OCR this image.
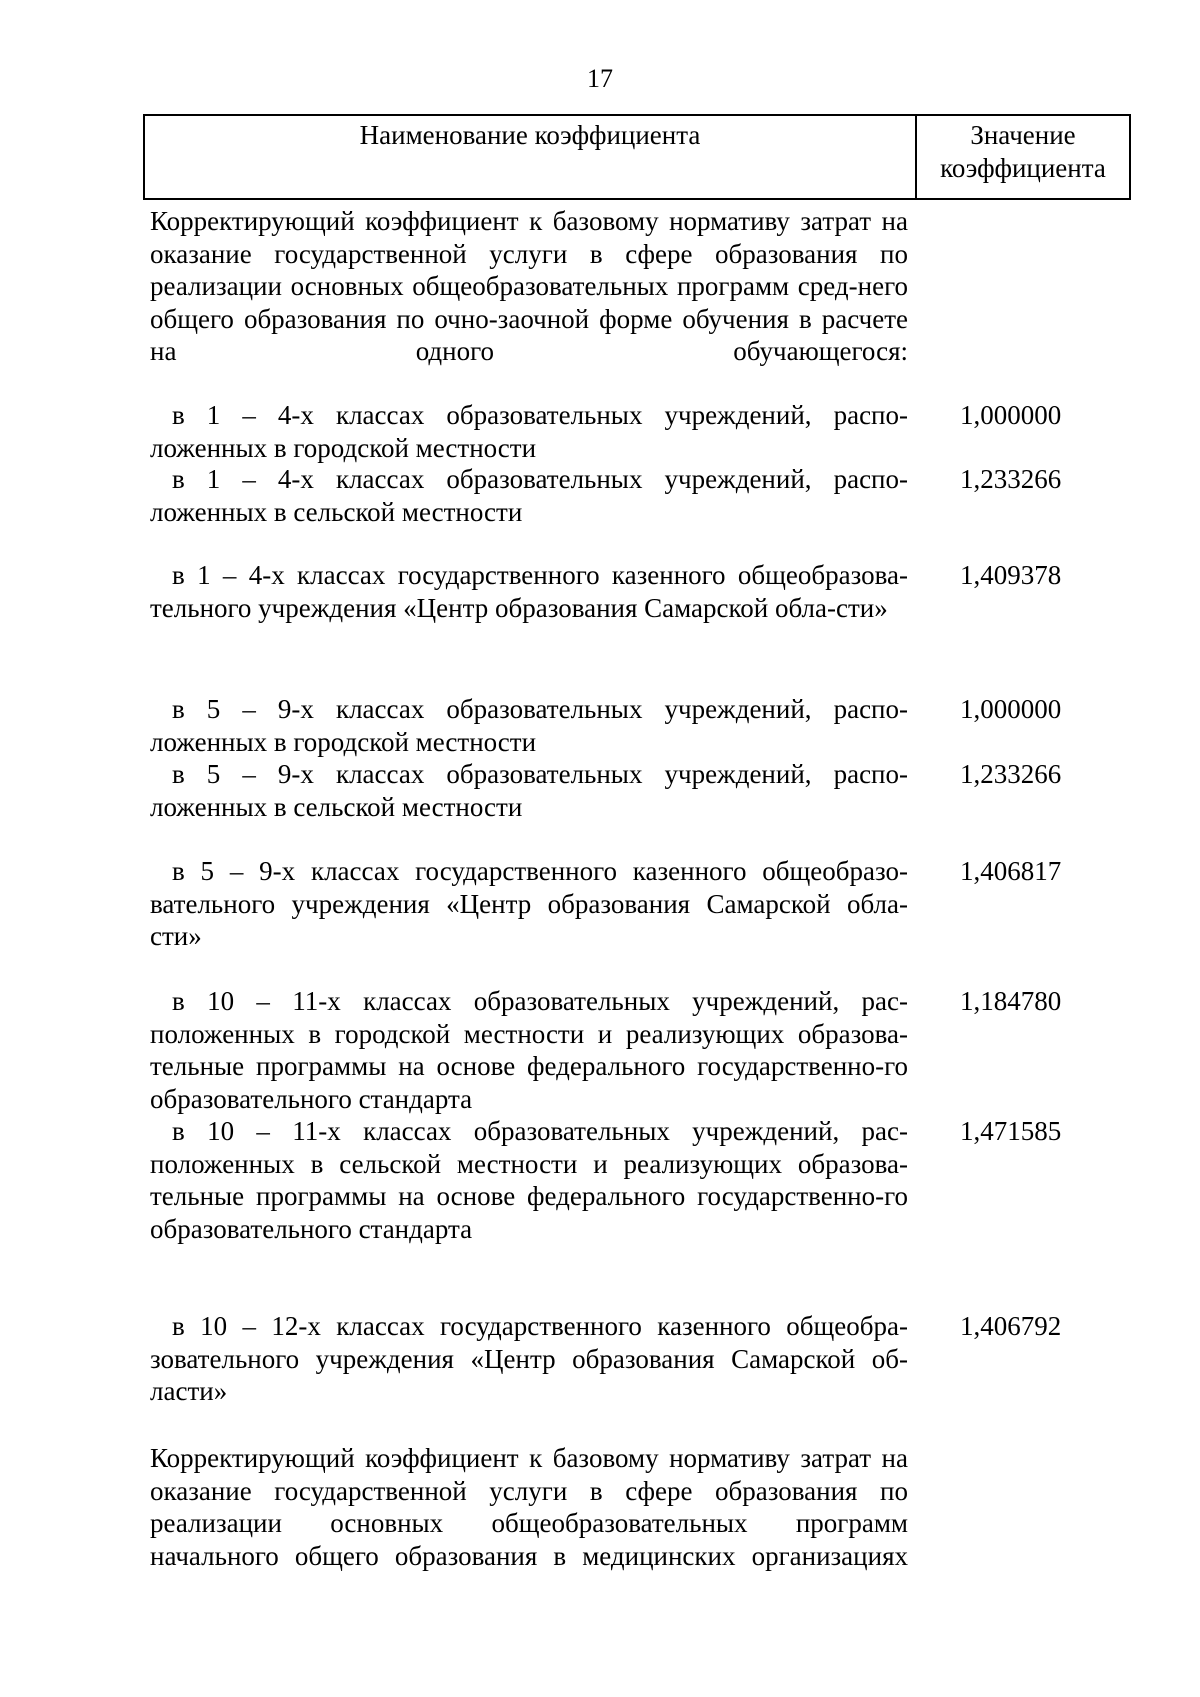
17
Наименование коэффициента	Значение
коэффициента
Корректирующий коэффициент к базовому нормативу затрат на оказание государственной услуги в сфере образования по реализации основных общеобразовательных программ сред-него общего образования по очно-заочной форме обучения в расчете на одного обучающегося:
в 1 – 4-х классах образовательных учреждений, распо-ложенных в городской местности
1,000000
в 1 – 4-х классах образовательных учреждений, распо-ложенных в сельской местности
1,233266
в 1 – 4-х классах государственного казенного общеобразова-тельного учреждения «Центр образования Самарской обла-сти»
1,409378
в 5 – 9-х классах образовательных учреждений, распо-ложенных в городской местности
1,000000
в 5 – 9-х классах образовательных учреждений, распо-ложенных в сельской местности
1,233266
в 5 – 9-х классах государственного казенного общеобразо-вательного учреждения «Центр образования Самарской обла-сти»
1,406817
в 10 – 11-х классах образовательных учреждений, рас-положенных в городской местности и реализующих образова-тельные программы на основе федерального государственно-го образовательного стандарта
1,184780
в 10 – 11-х классах образовательных учреждений, рас-положенных в сельской местности и реализующих образова-тельные программы на основе федерального государственно-го образовательного стандарта
1,471585
в 10 – 12-х классах государственного казенного общеобра-зовательного учреждения «Центр образования Самарской об-ласти»
1,406792
Корректирующий коэффициент к базовому нормативу затрат на оказание государственной услуги в сфере образования по реализации основных общеобразовательных программ начального общего образования в медицинских организациях
